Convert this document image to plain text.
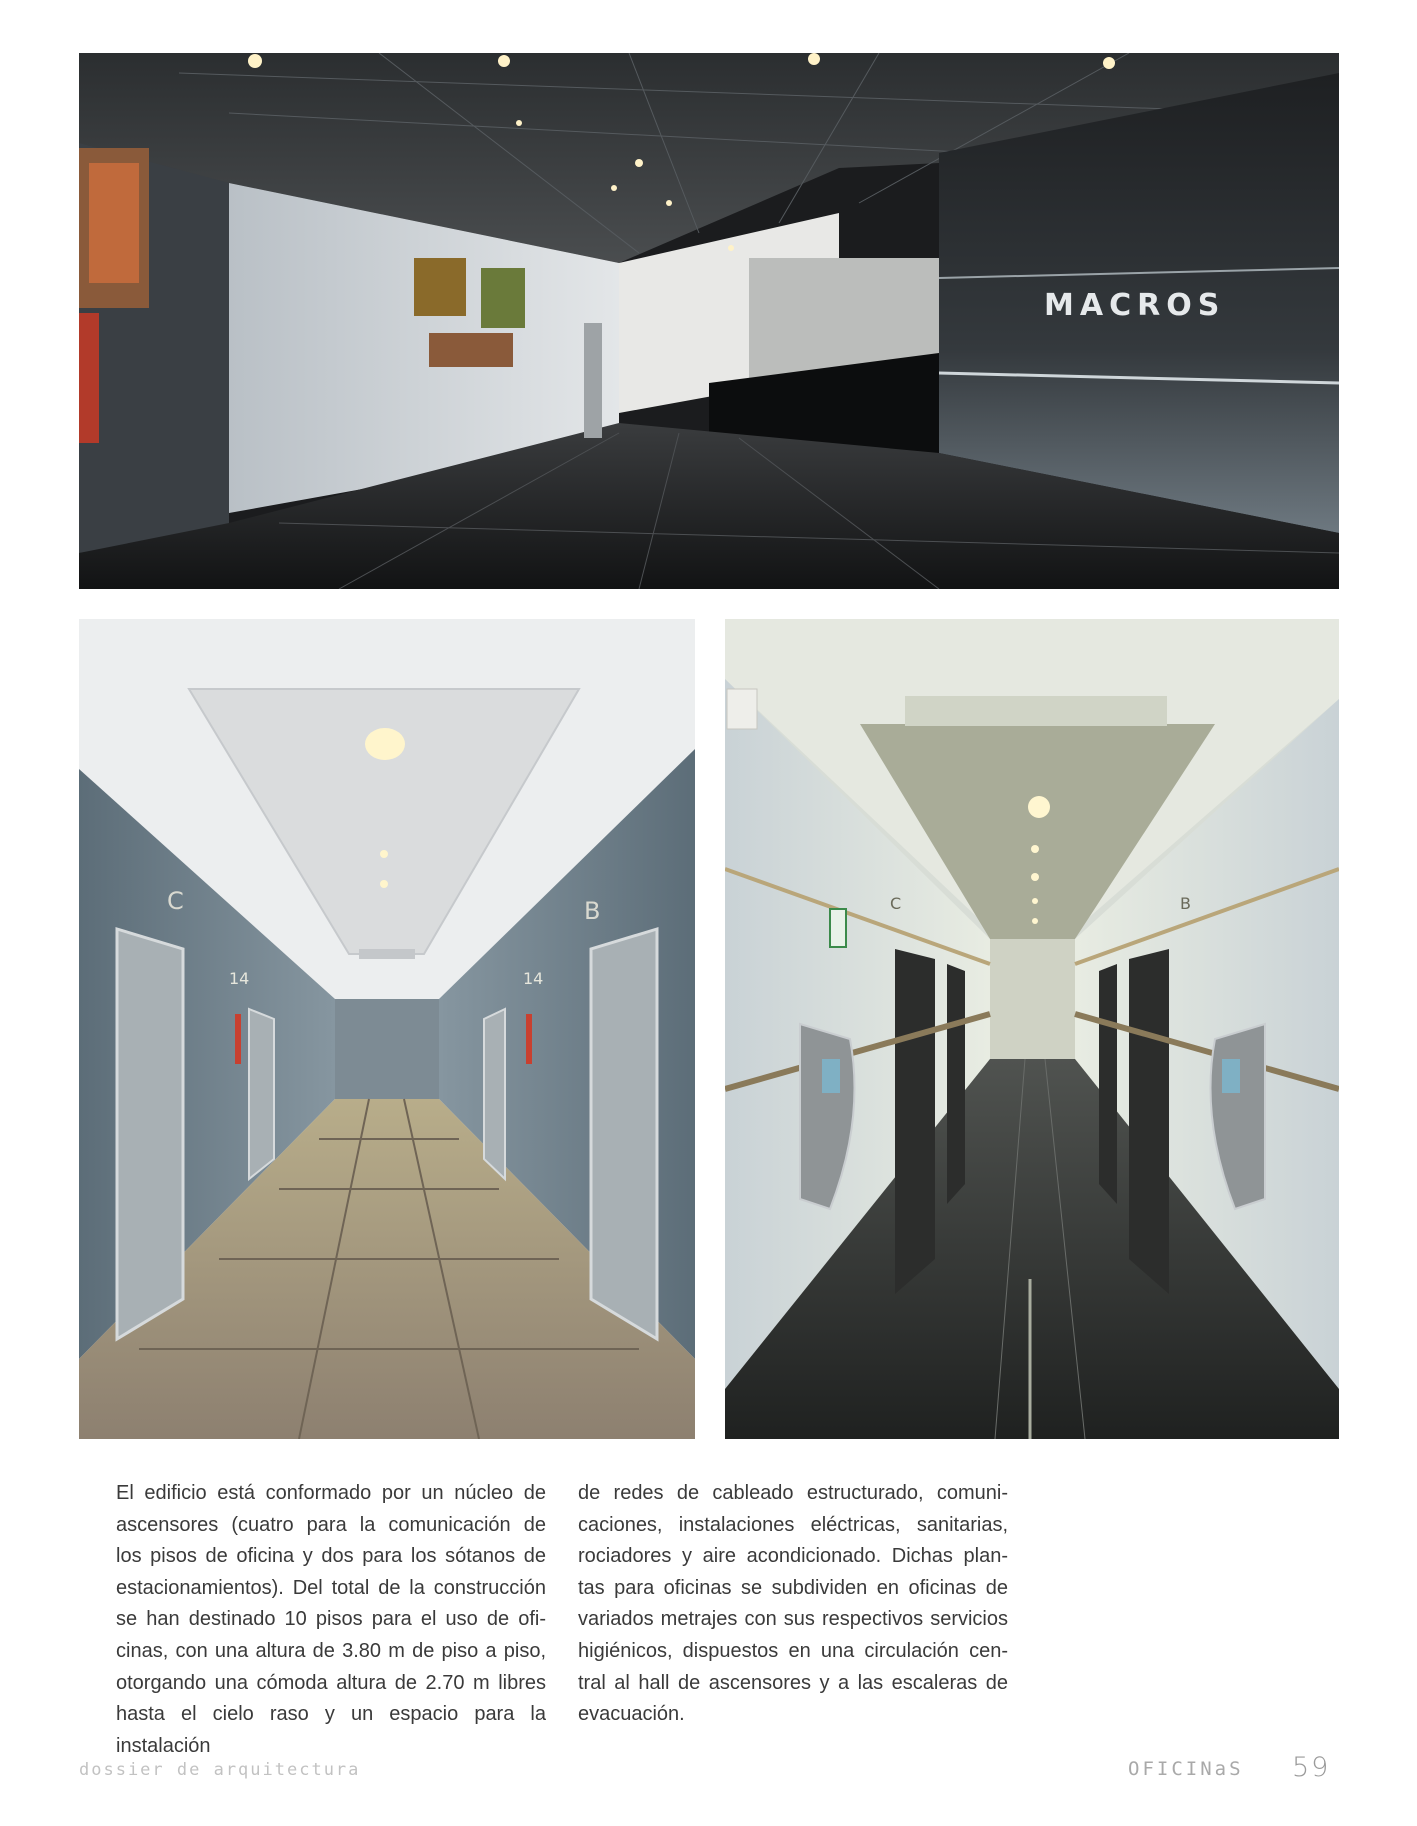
MACROS
C	B
14	14
C	B
El edificio está conformado por un núcleo de
ascensores (cuatro para la comunicación de
los pisos de oficina y dos para los sótanos de
estacionamientos). Del total de la construcción
se han destinado 10 pisos para el uso de ofi-
cinas, con una altura de 3.80 m de piso a piso,
otorgando una cómoda altura de 2.70 m libres
hasta el cielo raso y un espacio para la instalación
de redes de cableado estructurado, comuni-
caciones, instalaciones eléctricas, sanitarias,
rociadores y aire acondicionado. Dichas plan-
tas para oficinas se subdividen en oficinas de
variados metrajes con sus respectivos servicios
higiénicos, dispuestos en una circulación cen-
tral al hall de ascensores y a las escaleras de
evacuación.
dossier de arquitectura	OFICINaS 59
